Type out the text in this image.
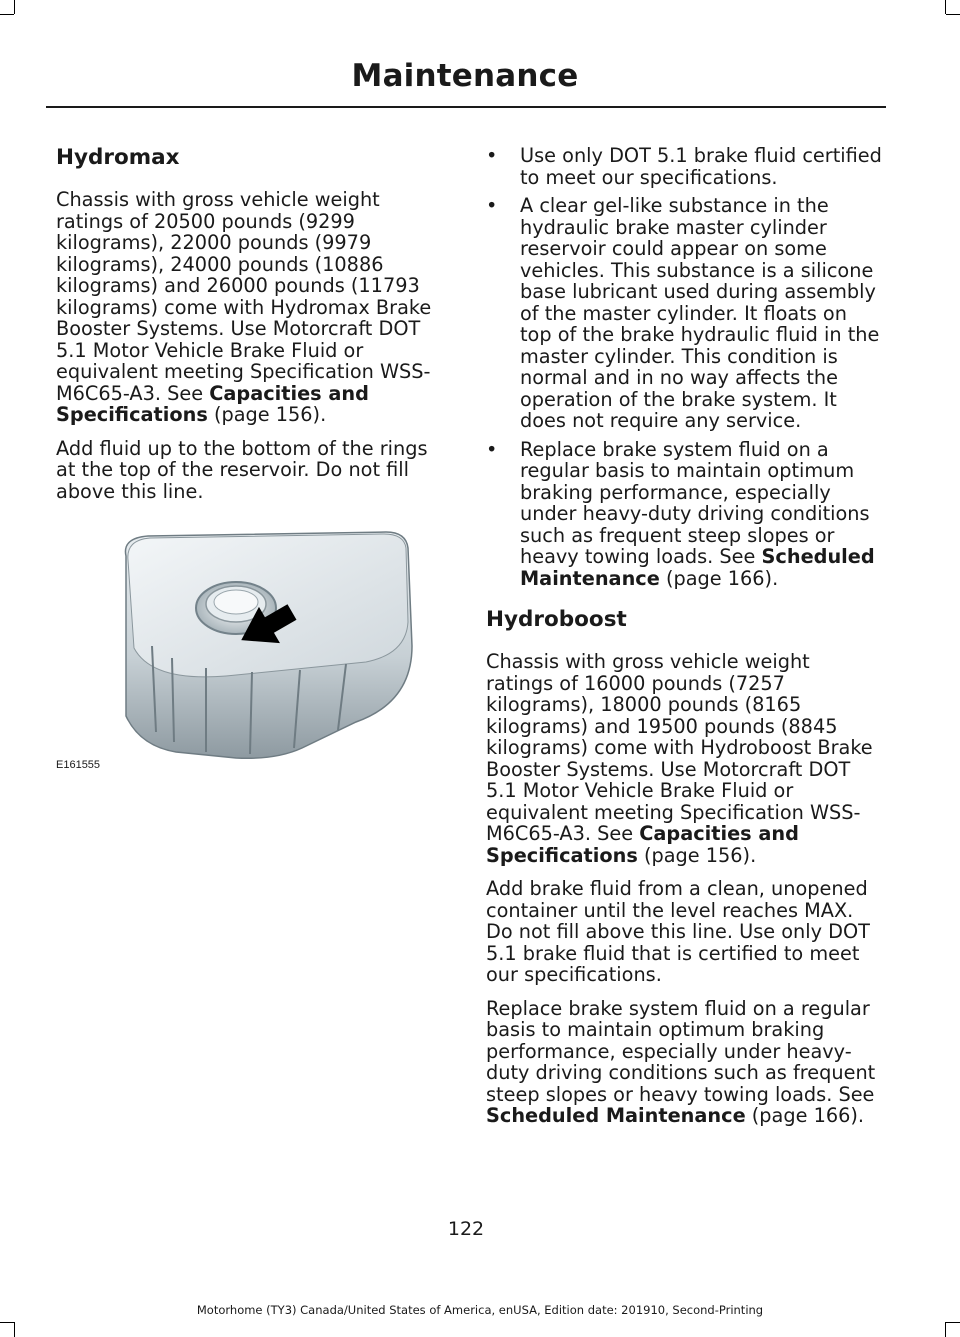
Maintenance
Hydromax

Chassis with gross vehicle weight ratings of 20500 pounds (9299 kilograms), 22000 pounds (9979 kilograms), 24000 pounds (10886 kilograms) and 26000 pounds (11793 kilograms) come with Hydromax Brake Booster Systems. Use Motorcraft DOT 5.1 Motor Vehicle Brake Fluid or equivalent meeting Specification WSS-M6C65-A3. See Capacities and Specifications (page 156).

Add fluid up to the bottom of the rings at the top of the reservoir. Do not fill above this line.

E161555
• Use only DOT 5.1 brake fluid certified to meet our specifications.
• A clear gel-like substance in the hydraulic brake master cylinder reservoir could appear on some vehicles. This substance is a silicone base lubricant used during assembly of the master cylinder. It floats on top of the brake hydraulic fluid in the master cylinder. This condition is normal and in no way affects the operation of the brake system. It does not require any service.
• Replace brake system fluid on a regular basis to maintain optimum braking performance, especially under heavy-duty driving conditions such as frequent steep slopes or heavy towing loads. See Scheduled Maintenance (page 166).
Hydroboost

Chassis with gross vehicle weight ratings of 16000 pounds (7257 kilograms), 18000 pounds (8165 kilograms) and 19500 pounds (8845 kilograms) come with Hydroboost Brake Booster Systems. Use Motorcraft DOT 5.1 Motor Vehicle Brake Fluid or equivalent meeting Specification WSS-M6C65-A3. See Capacities and Specifications (page 156).

Add brake fluid from a clean, unopened container until the level reaches MAX. Do not fill above this line. Use only DOT 5.1 brake fluid that is certified to meet our specifications.

Replace brake system fluid on a regular basis to maintain optimum braking performance, especially under heavy-duty driving conditions such as frequent steep slopes or heavy towing loads. See Scheduled Maintenance (page 166).

122
Motorhome (TY3) Canada/United States of America, enUSA, Edition date: 201910, Second-Printing
